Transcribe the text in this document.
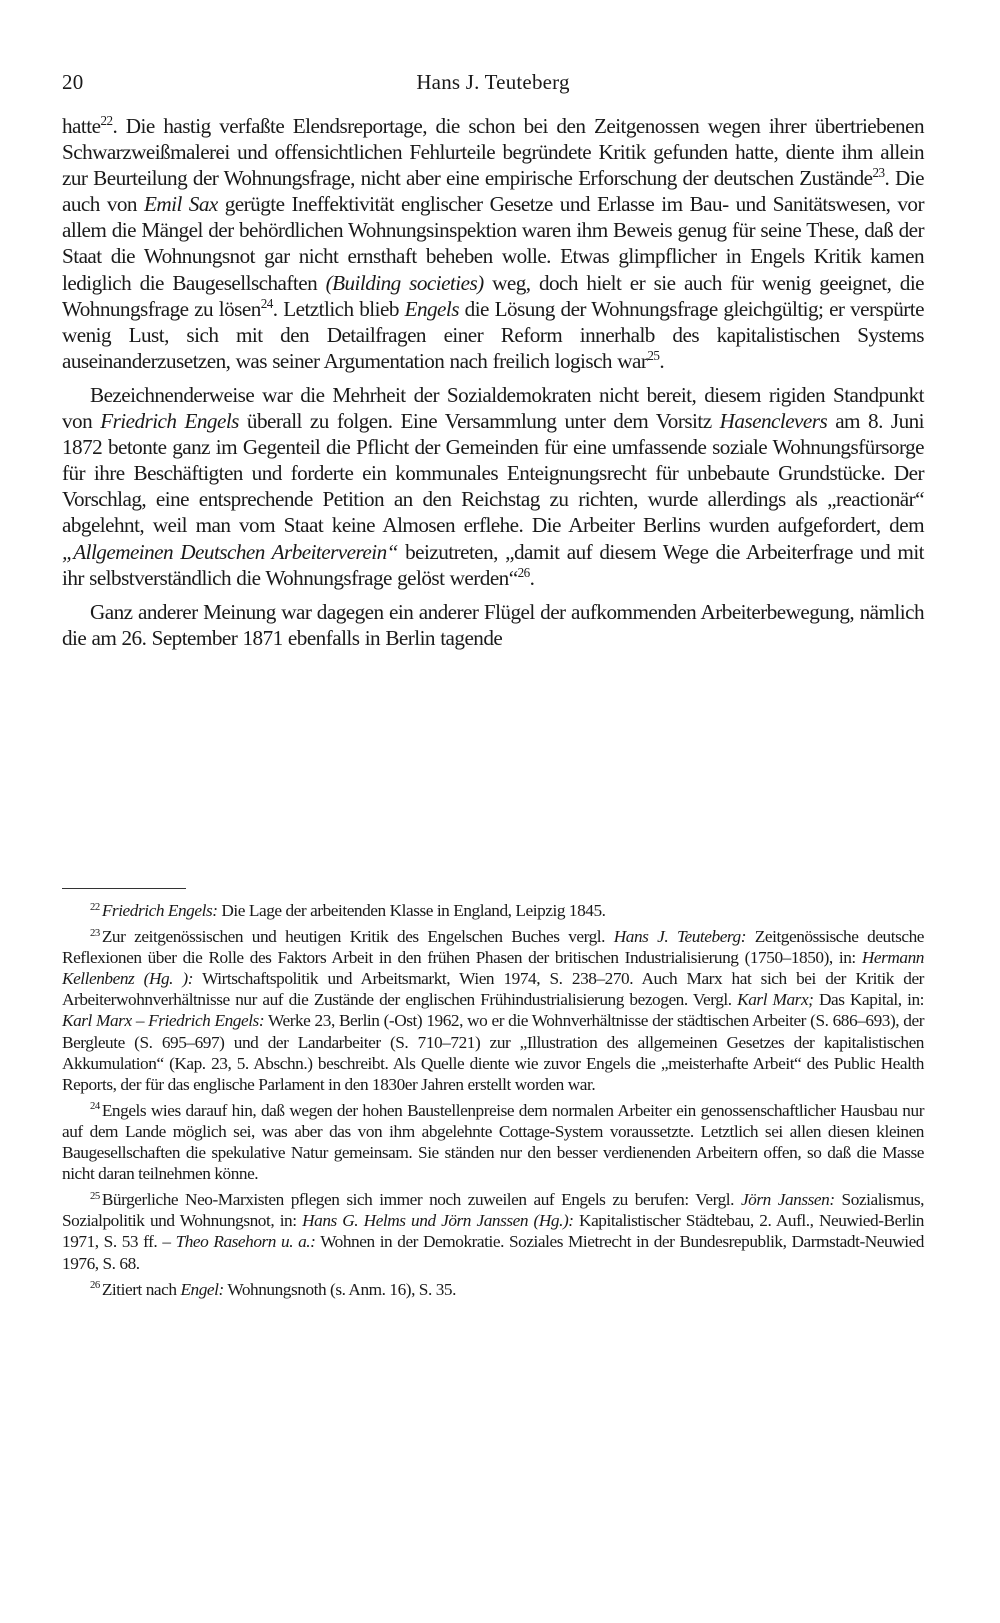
20	Hans J. Teuteberg

hatte$^{22}$. Die hastig verfaßte Elendsreportage, die schon bei den Zeitgenossen wegen ihrer übertriebenen Schwarzweißmalerei und offensichtlichen Fehlurteile begründete Kritik gefunden hatte, diente ihm allein zur Beurteilung der Wohnungsfrage, nicht aber eine empirische Erforschung der deutschen Zustände$^{23}$. Die auch von Emil Sax gerügte Ineffektivität englischer Gesetze und Erlasse im Bau- und Sanitätswesen, vor allem die Mängel der behördlichen Wohnungsinspektion waren ihm Beweis genug für seine These, daß der Staat die Wohnungsnot gar nicht ernsthaft beheben wolle. Etwas glimpflicher in Engels Kritik kamen lediglich die Baugesellschaften (Building societies) weg, doch hielt er sie auch für wenig geeignet, die Wohnungsfrage zu lösen$^{24}$. Letztlich blieb Engels die Lösung der Wohnungsfrage gleichgültig; er verspürte wenig Lust, sich mit den Detailfragen einer Reform innerhalb des kapitalistischen Systems auseinanderzusetzen, was seiner Argumentation nach freilich logisch war$^{25}$.

Bezeichnenderweise war die Mehrheit der Sozialdemokraten nicht bereit, diesem rigiden Standpunkt von Friedrich Engels überall zu folgen. Eine Versammlung unter dem Vorsitz Hasenclevers am 8. Juni 1872 betonte ganz im Gegenteil die Pflicht der Gemeinden für eine umfassende soziale Wohnungsfürsorge für ihre Beschäftigten und forderte ein kommunales Enteignungsrecht für unbebaute Grundstücke. Der Vorschlag, eine entsprechende Petition an den Reichstag zu richten, wurde allerdings als „reactionär“ abgelehnt, weil man vom Staat keine Almosen erflehe. Die Arbeiter Berlins wurden aufgefordert, dem „Allgemeinen Deutschen Arbeiterverein“ beizutreten, „damit auf diesem Wege die Arbeiterfrage und mit ihr selbstverständlich die Wohnungsfrage gelöst werden“$^{26}$.

Ganz anderer Meinung war dagegen ein anderer Flügel der aufkommenden Arbeiterbewegung, nämlich die am 26. September 1871 ebenfalls in Berlin tagende

$^{22}$ Friedrich Engels: Die Lage der arbeitenden Klasse in England, Leipzig 1845.

$^{23}$ Zur zeitgenössischen und heutigen Kritik des Engelschen Buches vergl. Hans J. Teuteberg: Zeitgenössische deutsche Reflexionen über die Rolle des Faktors Arbeit in den frühen Phasen der britischen Industrialisierung (1750–1850), in: Hermann Kellenbenz (Hg. ): Wirtschaftspolitik und Arbeitsmarkt, Wien 1974, S. 238–270. Auch Marx hat sich bei der Kritik der Arbeiterwohnverhältnisse nur auf die Zustände der englischen Frühindustrialisierung bezogen. Vergl. Karl Marx; Das Kapital, in: Karl Marx – Friedrich Engels: Werke 23, Berlin (-Ost) 1962, wo er die Wohnverhältnisse der städtischen Arbeiter (S. 686–693), der Bergleute (S. 695–697) und der Landarbeiter (S. 710–721) zur „Illustration des allgemeinen Gesetzes der kapitalistischen Akkumulation“ (Kap. 23, 5. Abschn.) beschreibt. Als Quelle diente wie zuvor Engels die „meisterhafte Arbeit“ des Public Health Reports, der für das englische Parlament in den 1830er Jahren erstellt worden war.

$^{24}$ Engels wies darauf hin, daß wegen der hohen Baustellenpreise dem normalen Arbeiter ein genossenschaftlicher Hausbau nur auf dem Lande möglich sei, was aber das von ihm abgelehnte Cottage-System voraussetzte. Letztlich sei allen diesen kleinen Baugesellschaften die spekulative Natur gemeinsam. Sie ständen nur den besser verdienenden Arbeitern offen, so daß die Masse nicht daran teilnehmen könne.

$^{25}$ Bürgerliche Neo-Marxisten pflegen sich immer noch zuweilen auf Engels zu berufen: Vergl. Jörn Janssen: Sozialismus, Sozialpolitik und Wohnungsnot, in: Hans G. Helms und Jörn Janssen (Hg.): Kapitalistischer Städtebau, 2. Aufl., Neuwied-Berlin 1971, S. 53 ff. – Theo Rasehorn u. a.: Wohnen in der Demokratie. Soziales Mietrecht in der Bundesrepublik, Darmstadt-Neuwied 1976, S. 68.

$^{26}$ Zitiert nach Engel: Wohnungsnoth (s. Anm. 16), S. 35.
